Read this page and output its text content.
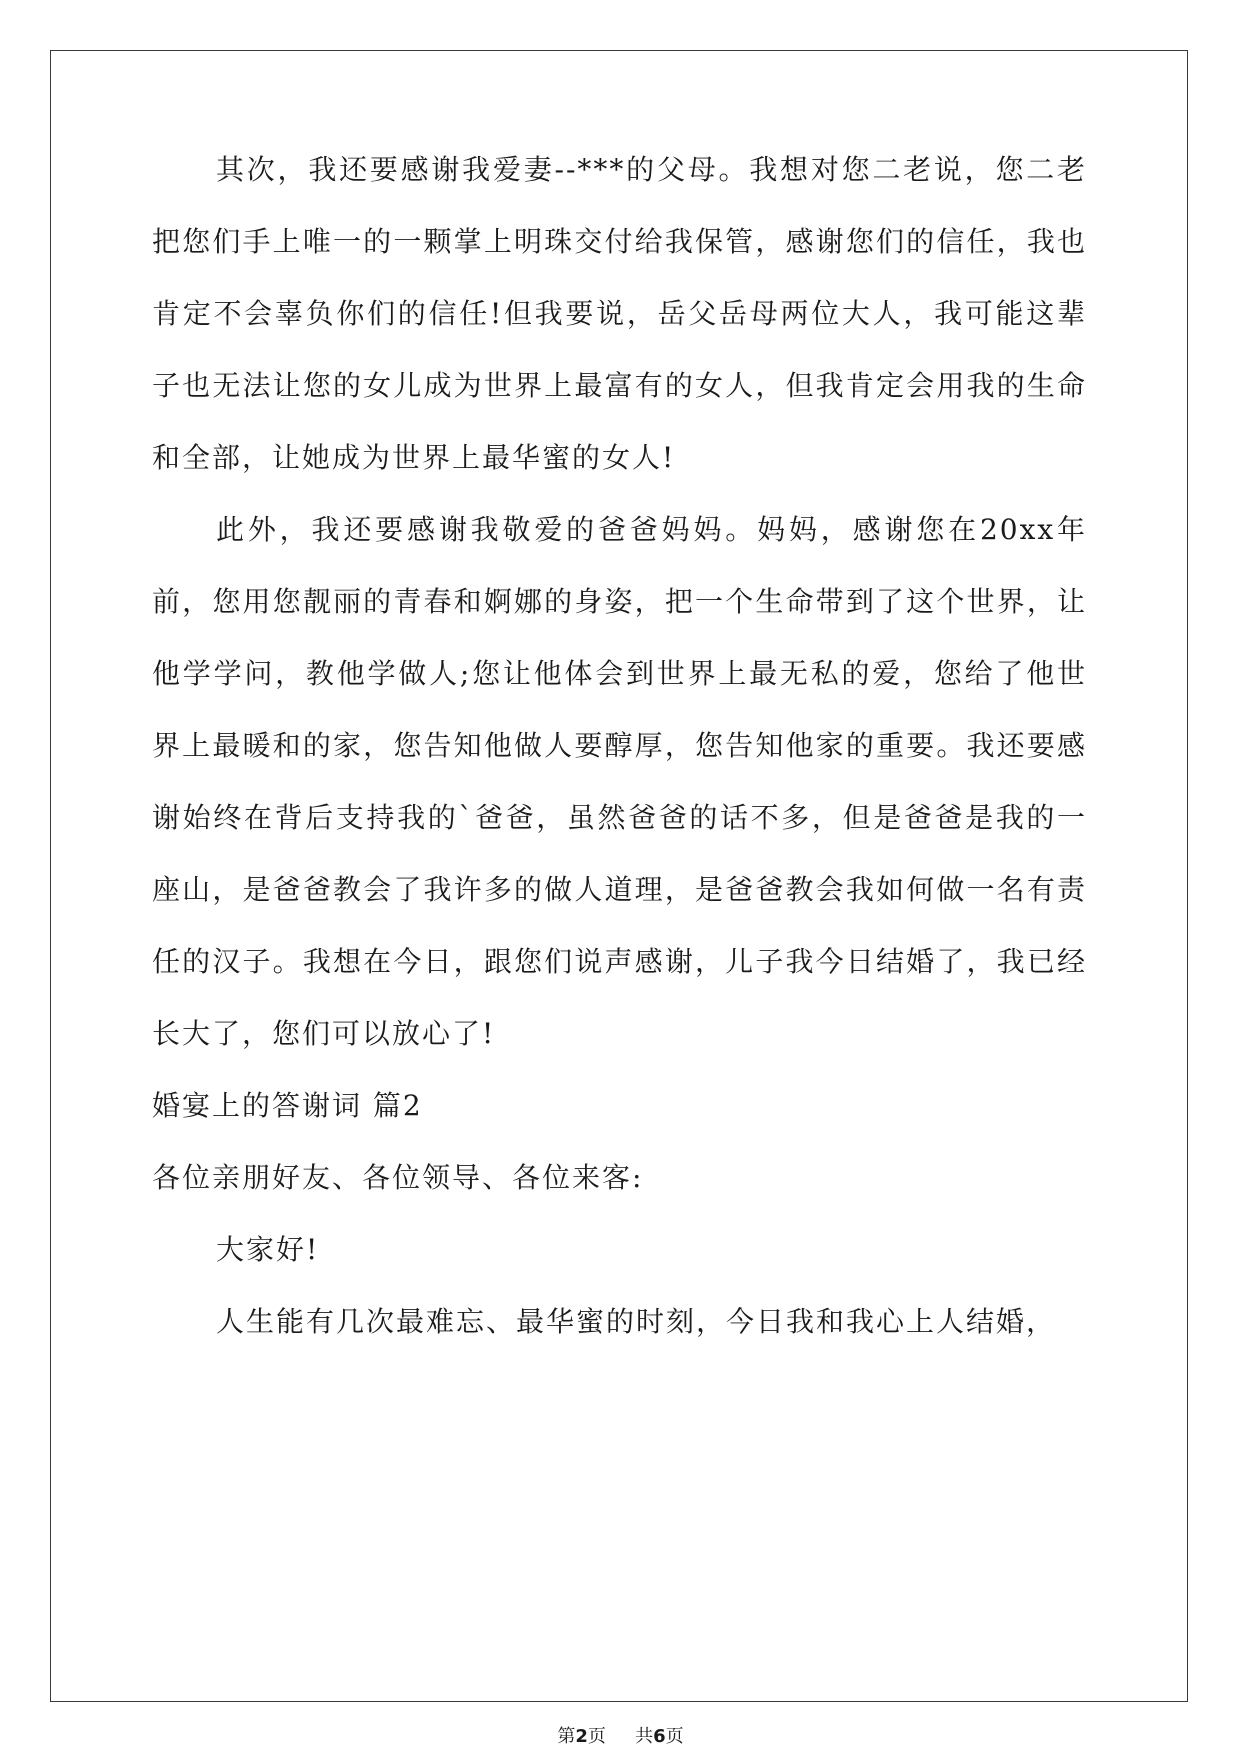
其次，我还要感谢我爱妻--***的父母。我想对您二老说，您二老把您们手上唯一的一颗掌上明珠交付给我保管，感谢您们的信任，我也肯定不会辜负你们的信任!但我要说，岳父岳母两位大人，我可能这辈子也无法让您的女儿成为世界上最富有的女人，但我肯定会用我的生命和全部，让她成为世界上最华蜜的女人!

此外，我还要感谢我敬爱的爸爸妈妈。妈妈，感谢您在20xx年前，您用您靓丽的青春和婀娜的身姿，把一个生命带到了这个世界，让他学学问，教他学做人;您让他体会到世界上最无私的爱，您给了他世界上最暖和的家，您告知他做人要醇厚，您告知他家的重要。我还要感谢始终在背后支持我的`爸爸，虽然爸爸的话不多，但是爸爸是我的一座山，是爸爸教会了我许多的做人道理，是爸爸教会我如何做一名有责任的汉子。我想在今日，跟您们说声感谢，儿子我今日结婚了，我已经长大了，您们可以放心了!

婚宴上的答谢词 篇2

各位亲朋好友、各位领导、各位来客:

大家好!

人生能有几次最难忘、最华蜜的时刻，今日我和我心上人结婚，

第2页 共6页
